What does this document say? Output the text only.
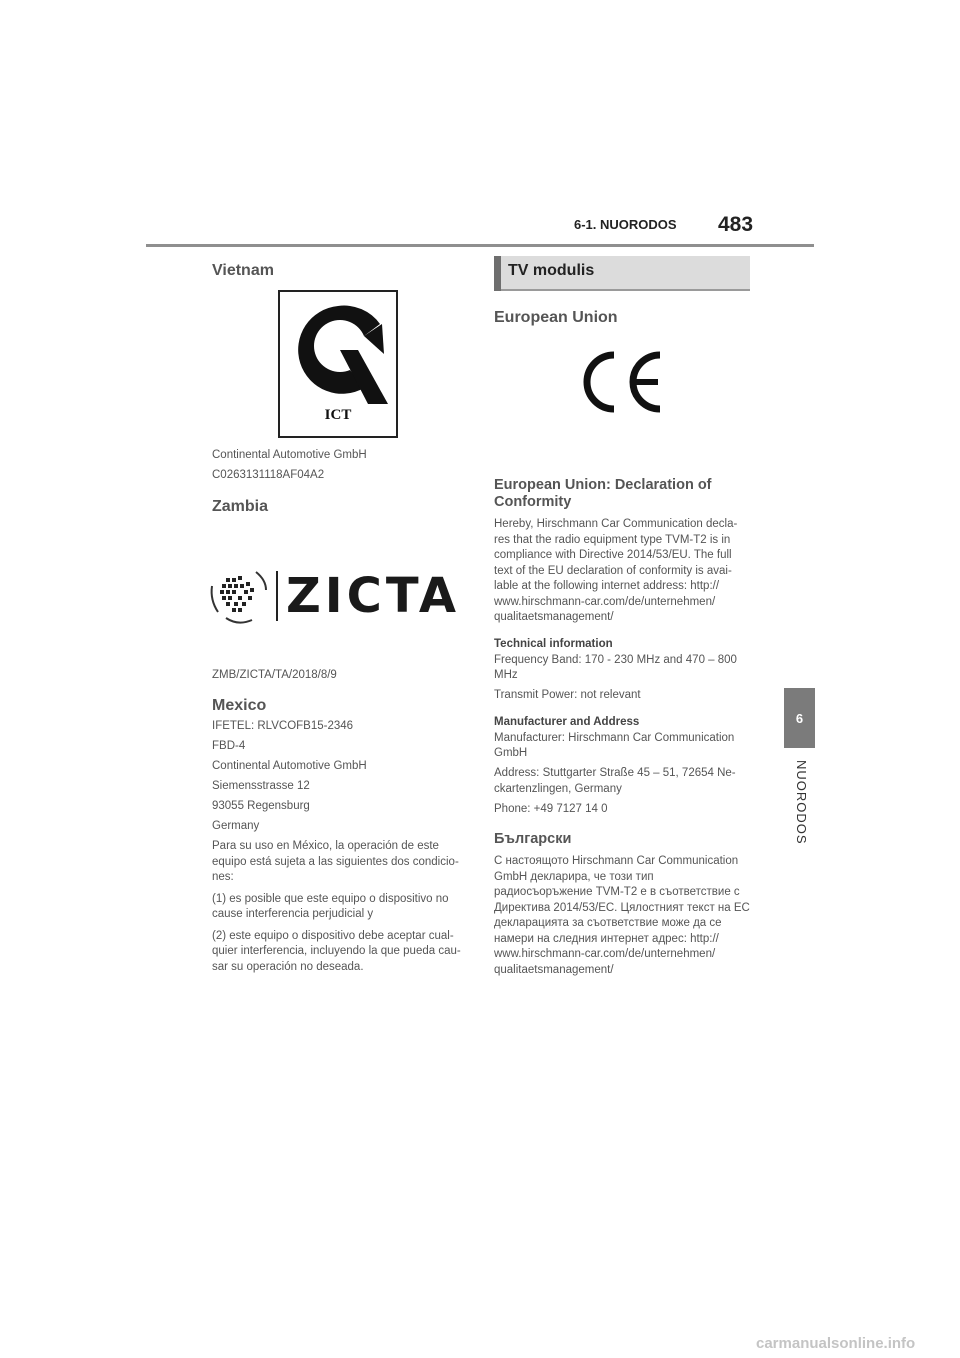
6-1. NUORODOS 483
6
NUORODOS
Vietnam
ICT
Continental Automotive GmbH
C0263131118AF04A2
Zambia
ZICTA
ZMB/ZICTA/TA/2018/8/9
Mexico
IFETEL: RLVCOFB15-2346
FBD-4
Continental Automotive GmbH
Siemensstrasse 12
93055 Regensburg
Germany
Para su uso en México, la operación de este equipo está sujeta a las siguientes dos condicio-nes:
(1) es posible que este equipo o dispositivo no cause interferencia perjudicial y
(2) este equipo o dispositivo debe aceptar cual-quier interferencia, incluyendo la que pueda cau-sar su operación no deseada.
TV modulis
European Union
European Union: Declaration of Conformity
Hereby, Hirschmann Car Communication decla-res that the radio equipment type TVM-T2 is in compliance with Directive 2014/53/EU. The full text of the EU declaration of conformity is avai-lable at the following internet address: http:// www.hirschmann-car.com/de/unternehmen/ qualitaetsmanagement/
Technical information
Frequency Band: 170 - 230 MHz and 470 – 800 MHz
Transmit Power: not relevant
Manufacturer and Address
Manufacturer: Hirschmann Car Communication GmbH
Address: Stuttgarter Straße 45 – 51, 72654 Ne-ckartenzlingen, Germany
Phone: +49 7127 14 0
Български
С настоящото Hirschmann Car Communication GmbH декларира, че този тип радиосъоръжение TVM-T2 е в съответствие с Директива 2014/53/ЕС. Цялостният текст на ЕС декларацията за съответствие може да се намери на следния интернет адрес: http:// www.hirschmann-car.com/de/unternehmen/ qualitaetsmanagement/
carmanualsonline.info
